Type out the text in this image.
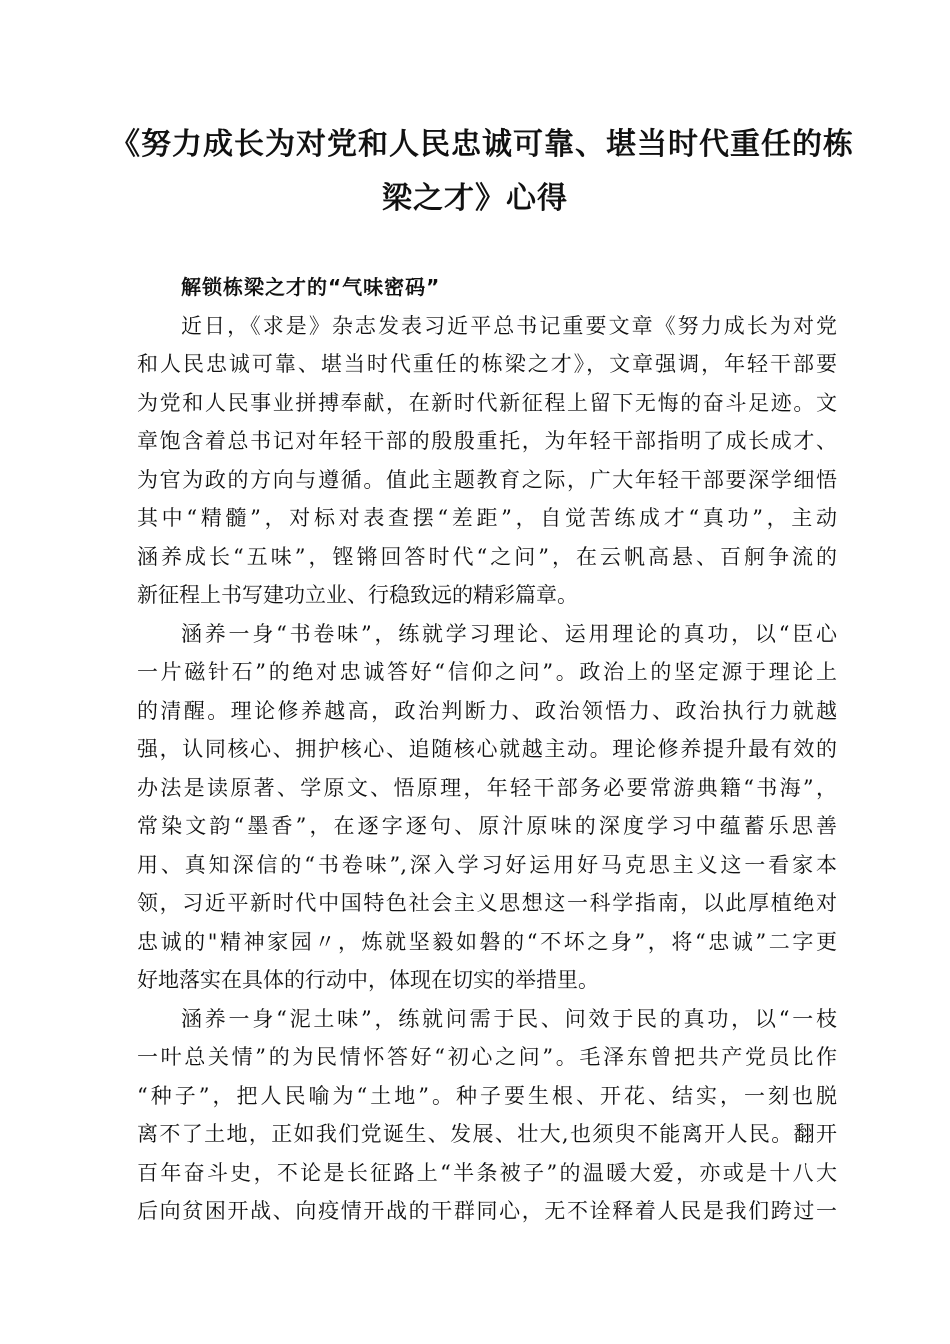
《努力成长为对党和人民忠诚可靠、堪当时代重任的栋
梁之才》心得
解锁栋梁之才的“气味密码”
近日，《求是》杂志发表习近平总书记重要文章《努力成长为对党
和人民忠诚可靠、堪当时代重任的栋梁之才》，文章强调，年轻干部要
为党和人民事业拼搏奉献，在新时代新征程上留下无悔的奋斗足迹。文
章饱含着总书记对年轻干部的殷殷重托，为年轻干部指明了成长成才、
为官为政的方向与遵循。值此主题教育之际，广大年轻干部要深学细悟
其中“精髓”，对标对表查摆“差距”，自觉苦练成才“真功”，主动
涵养成长“五味”，铿锵回答时代“之问”，在云帆高悬、百舸争流的
新征程上书写建功立业、行稳致远的精彩篇章。
涵养一身“书卷味”，练就学习理论、运用理论的真功，以“臣心
一片磁针石”的绝对忠诚答好“信仰之问”。政治上的坚定源于理论上
的清醒。理论修养越高，政治判断力、政治领悟力、政治执行力就越
强，认同核心、拥护核心、追随核心就越主动。理论修养提升最有效的
办法是读原著、学原文、悟原理，年轻干部务必要常游典籍“书海”，
常染文韵“墨香”，在逐字逐句、原汁原味的深度学习中蕴蓄乐思善
用、真知深信的“书卷味”,深入学习好运用好马克思主义这一看家本
领，习近平新时代中国特色社会主义思想这一科学指南，以此厚植绝对
忠诚的"精神家园〃，炼就坚毅如磐的“不坏之身”，将“忠诚”二字更
好地落实在具体的行动中，体现在切实的举措里。
涵养一身“泥土味”，练就问需于民、问效于民的真功，以“一枝
一叶总关情”的为民情怀答好“初心之问”。毛泽东曾把共产党员比作
“种子”，把人民喻为“土地”。种子要生根、开花、结实，一刻也脱
离不了土地，正如我们党诞生、发展、壮大,也须臾不能离开人民。翻开
百年奋斗史，不论是长征路上“半条被子”的温暖大爱，亦或是十八大
后向贫困开战、向疫情开战的干群同心，无不诠释着人民是我们跨过一
